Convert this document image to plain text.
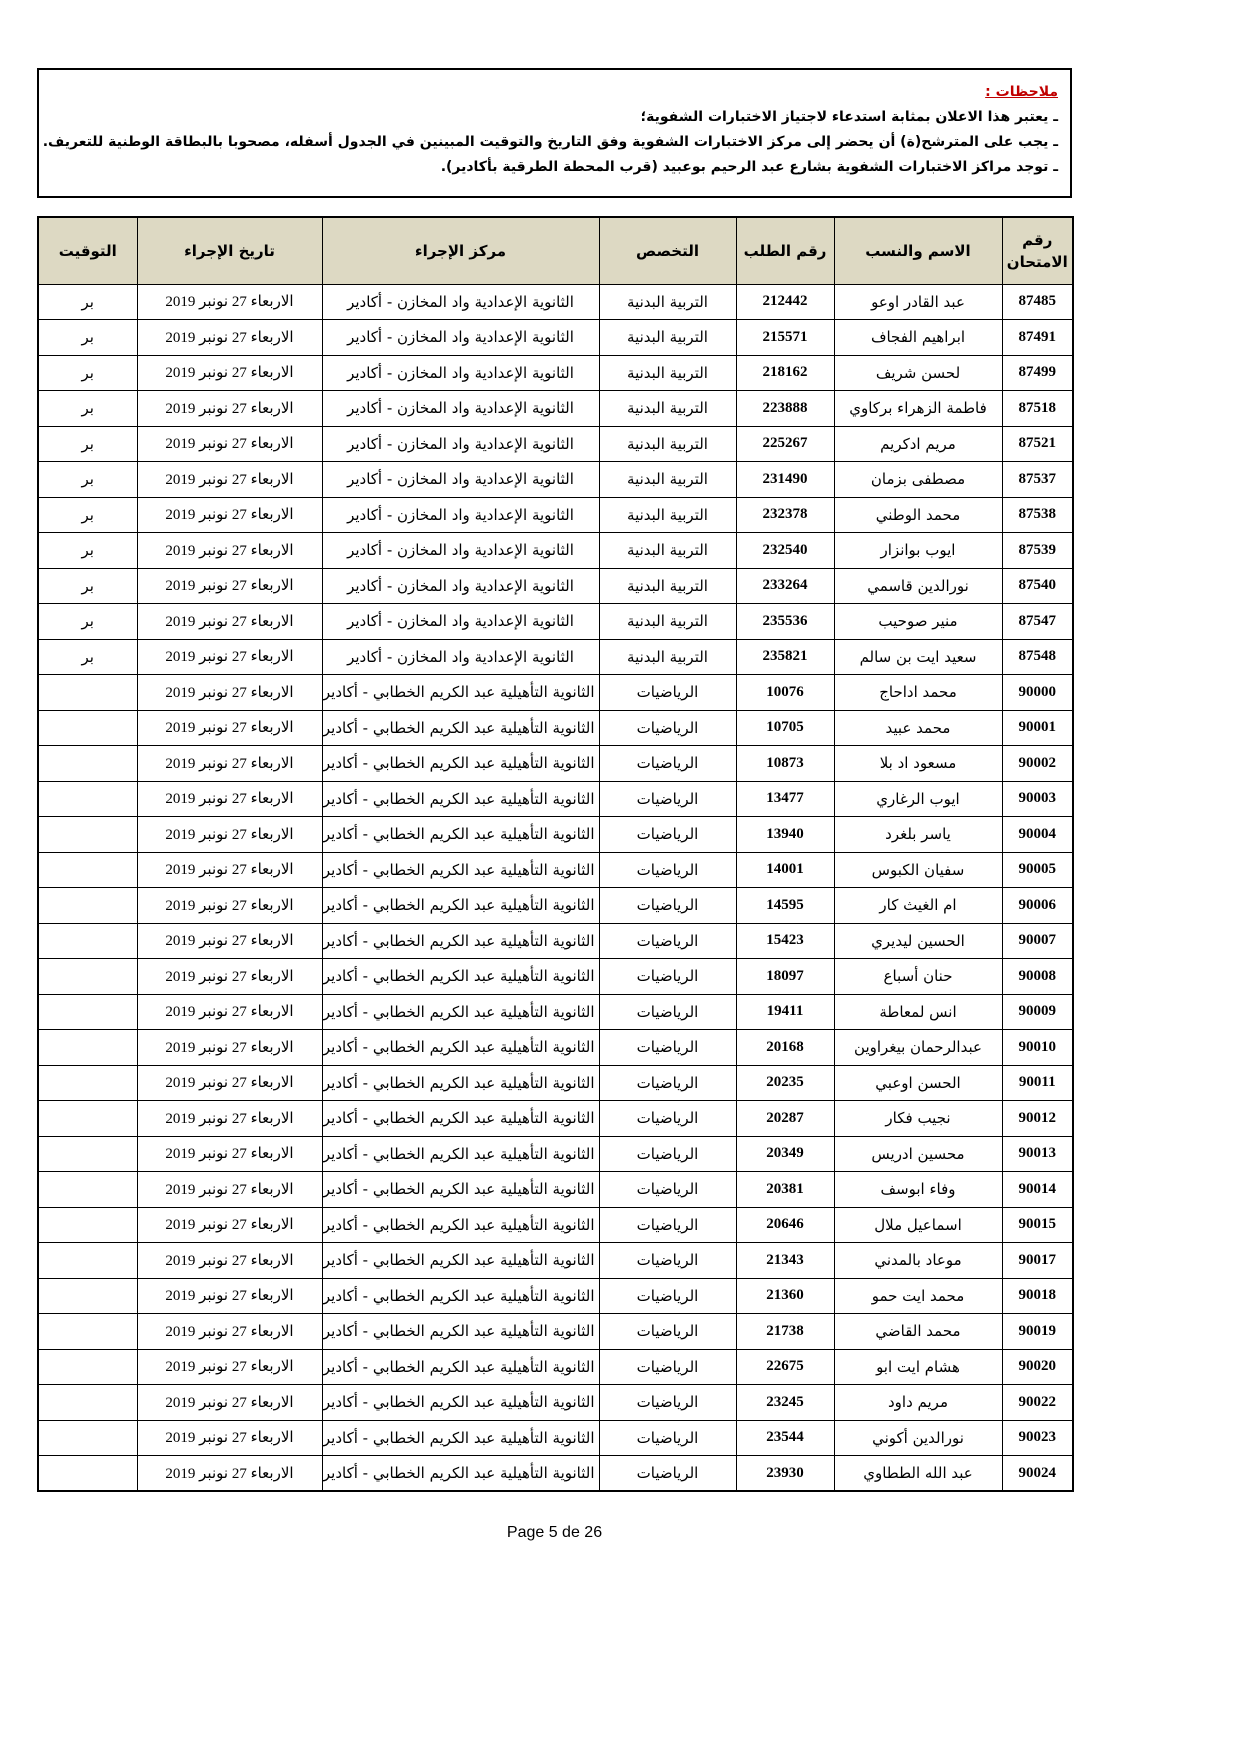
ملاحظات :
ـ يعتبر هذا الاعلان بمثابة استدعاء لاجتياز الاختبارات الشفوية؛
ـ يجب على المترشح(ة) أن يحضر إلى مركز الاختبارات الشفوية وفق التاريخ والتوقيت المبينين في الجدول أسفله، مصحوبا بالبطاقة الوطنية للتعريف.
ـ توجد مراكز الاختبارات الشفوية بشارع عبد الرحيم بوعبيد (قرب المحطة الطرقية بأكادير).
رقم الامتحان	الاسم والنسب	رقم الطلب	التخصص	مركز الإجراء	تاريخ الإجراء	التوقيت
87485	عبد القادر اوعو	212442	التربية البدنية	الثانوية الإعدادية واد المخازن - أكادير	الاربعاء 27 نونبر 2019	بر
87491	ابراهيم الفجاف	215571	التربية البدنية	الثانوية الإعدادية واد المخازن - أكادير	الاربعاء 27 نونبر 2019	بر
87499	لحسن شريف	218162	التربية البدنية	الثانوية الإعدادية واد المخازن - أكادير	الاربعاء 27 نونبر 2019	بر
87518	فاطمة الزهراء بركاوي	223888	التربية البدنية	الثانوية الإعدادية واد المخازن - أكادير	الاربعاء 27 نونبر 2019	بر
87521	مريم ادكريم	225267	التربية البدنية	الثانوية الإعدادية واد المخازن - أكادير	الاربعاء 27 نونبر 2019	بر
87537	مصطفى بزمان	231490	التربية البدنية	الثانوية الإعدادية واد المخازن - أكادير	الاربعاء 27 نونبر 2019	بر
87538	محمد الوطني	232378	التربية البدنية	الثانوية الإعدادية واد المخازن - أكادير	الاربعاء 27 نونبر 2019	بر
87539	ايوب بوانزار	232540	التربية البدنية	الثانوية الإعدادية واد المخازن - أكادير	الاربعاء 27 نونبر 2019	بر
87540	نورالدين قاسمي	233264	التربية البدنية	الثانوية الإعدادية واد المخازن - أكادير	الاربعاء 27 نونبر 2019	بر
87547	منير صوحيب	235536	التربية البدنية	الثانوية الإعدادية واد المخازن - أكادير	الاربعاء 27 نونبر 2019	بر
87548	سعيد ايت بن سالم	235821	التربية البدنية	الثانوية الإعدادية واد المخازن - أكادير	الاربعاء 27 نونبر 2019	بر
90000	محمد اداحاج	10076	الرياضيات	الثانوية التأهيلية عبد الكريم الخطابي - أكادير	الاربعاء 27 نونبر 2019	
90001	محمد عبيد	10705	الرياضيات	الثانوية التأهيلية عبد الكريم الخطابي - أكادير	الاربعاء 27 نونبر 2019	
90002	مسعود اد بلا	10873	الرياضيات	الثانوية التأهيلية عبد الكريم الخطابي - أكادير	الاربعاء 27 نونبر 2019	
90003	ايوب الرغاري	13477	الرياضيات	الثانوية التأهيلية عبد الكريم الخطابي - أكادير	الاربعاء 27 نونبر 2019	
90004	ياسر بلغرد	13940	الرياضيات	الثانوية التأهيلية عبد الكريم الخطابي - أكادير	الاربعاء 27 نونبر 2019	
90005	سفيان الكبوس	14001	الرياضيات	الثانوية التأهيلية عبد الكريم الخطابي - أكادير	الاربعاء 27 نونبر 2019	
90006	ام الغيث كار	14595	الرياضيات	الثانوية التأهيلية عبد الكريم الخطابي - أكادير	الاربعاء 27 نونبر 2019	
90007	الحسين ليديري	15423	الرياضيات	الثانوية التأهيلية عبد الكريم الخطابي - أكادير	الاربعاء 27 نونبر 2019	
90008	حنان أسباع	18097	الرياضيات	الثانوية التأهيلية عبد الكريم الخطابي - أكادير	الاربعاء 27 نونبر 2019	
90009	انس لمعاطة	19411	الرياضيات	الثانوية التأهيلية عبد الكريم الخطابي - أكادير	الاربعاء 27 نونبر 2019	
90010	عبدالرحمان بيغراوين	20168	الرياضيات	الثانوية التأهيلية عبد الكريم الخطابي - أكادير	الاربعاء 27 نونبر 2019	
90011	الحسن اوعبي	20235	الرياضيات	الثانوية التأهيلية عبد الكريم الخطابي - أكادير	الاربعاء 27 نونبر 2019	
90012	نجيب فكار	20287	الرياضيات	الثانوية التأهيلية عبد الكريم الخطابي - أكادير	الاربعاء 27 نونبر 2019	
90013	محسين ادريس	20349	الرياضيات	الثانوية التأهيلية عبد الكريم الخطابي - أكادير	الاربعاء 27 نونبر 2019	
90014	وفاء ابوسف	20381	الرياضيات	الثانوية التأهيلية عبد الكريم الخطابي - أكادير	الاربعاء 27 نونبر 2019	
90015	اسماعيل ملال	20646	الرياضيات	الثانوية التأهيلية عبد الكريم الخطابي - أكادير	الاربعاء 27 نونبر 2019	
90017	موعاد بالمدني	21343	الرياضيات	الثانوية التأهيلية عبد الكريم الخطابي - أكادير	الاربعاء 27 نونبر 2019	
90018	محمد ايت حمو	21360	الرياضيات	الثانوية التأهيلية عبد الكريم الخطابي - أكادير	الاربعاء 27 نونبر 2019	
90019	محمد القاضي	21738	الرياضيات	الثانوية التأهيلية عبد الكريم الخطابي - أكادير	الاربعاء 27 نونبر 2019	
90020	هشام ايت ابو	22675	الرياضيات	الثانوية التأهيلية عبد الكريم الخطابي - أكادير	الاربعاء 27 نونبر 2019	
90022	مريم داود	23245	الرياضيات	الثانوية التأهيلية عبد الكريم الخطابي - أكادير	الاربعاء 27 نونبر 2019	
90023	نورالدين أكوني	23544	الرياضيات	الثانوية التأهيلية عبد الكريم الخطابي - أكادير	الاربعاء 27 نونبر 2019	
90024	عبد الله الططاوي	23930	الرياضيات	الثانوية التأهيلية عبد الكريم الخطابي - أكادير	الاربعاء 27 نونبر 2019	
Page 5 de 26
